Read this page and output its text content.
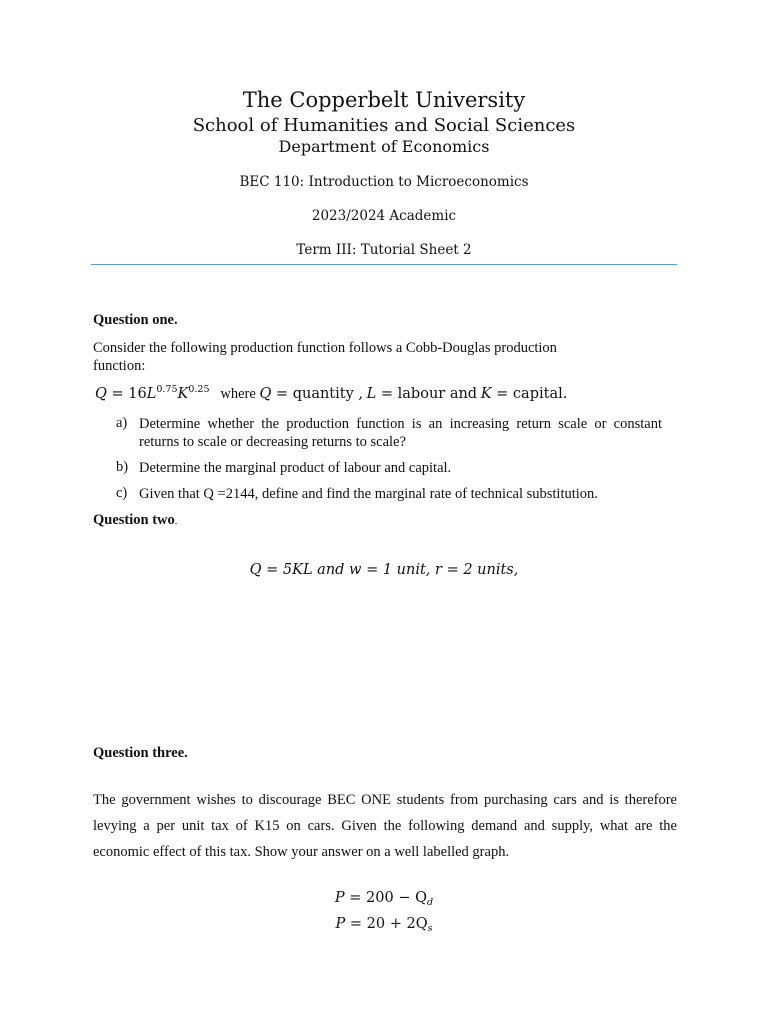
The Copperbelt University
School of Humanities and Social Sciences
Department of Economics
BEC 110: Introduction to Microeconomics
2023/2024 Academic
Term III: Tutorial Sheet 2
Question one.
Consider the following production function follows a Cobb-Douglas production
function:
$Q = 16L^{0.75}K^{0.25}$ where Q = quantity , L = labour and K = capital.
a) Determine whether the production function is an increasing return scale or constant returns to scale or decreasing returns to scale?
b) Determine the marginal product of labour and capital.
c) Given that Q =2144, define and find the marginal rate of technical substitution.
Question two.
Q = 5KL and w = 1 unit, r = 2 units,
Question three.
The government wishes to discourage BEC ONE students from purchasing cars and is therefore levying a per unit tax of K15 on cars. Given the following demand and supply, what are the economic effect of this tax. Show your answer on a well labelled graph.
$P = 200 - Q_d$
$P = 20 + 2Q_s$
